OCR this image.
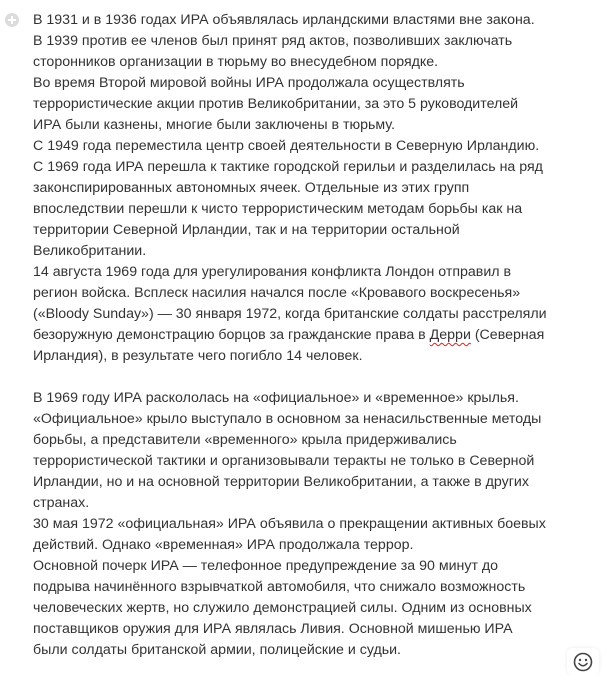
В 1931 и в 1936 годах ИРА объявлялась ирландскими властями вне закона.
В 1939 против ее членов был принят ряд актов, позволивших заключать
сторонников организации в тюрьму во внесудебном порядке.
Во время Второй мировой войны ИРА продолжала осуществлять
террористические акции против Великобритании, за это 5 руководителей
ИРА были казнены, многие были заключены в тюрьму.
С 1949 года переместила центр своей деятельности в Северную Ирландию.
С 1969 года ИРА перешла к тактике городской герильи и разделилась на ряд
законспирированных автономных ячеек. Отдельные из этих групп
впоследствии перешли к чисто террористическим методам борьбы как на
территории Северной Ирландии, так и на территории остальной
Великобритании.
14 августа 1969 года для урегулирования конфликта Лондон отправил в
регион войска. Всплеск насилия начался после «Кровавого воскресенья»
(«Bloody Sunday») — 30 января 1972, когда британские солдаты расстреляли
безоружную демонстрацию борцов за гражданские права в Дерри (Северная
Ирландия), в результате чего погибло 14 человек.
В 1969 году ИРА раскололась на «официальное» и «временное» крылья.
«Официальное» крыло выступало в основном за ненасильственные методы
борьбы, а представители «временного» крыла придерживались
террористической тактики и организовывали теракты не только в Северной
Ирландии, но и на основной территории Великобритании, а также в других
странах.
30 мая 1972 «официальная» ИРА объявила о прекращении активных боевых
действий. Однако «временная» ИРА продолжала террор.
Основной почерк ИРА — телефонное предупреждение за 90 минут до
подрыва начинённого взрывчаткой автомобиля, что снижало возможность
человеческих жертв, но служило демонстрацией силы. Одним из основных
поставщиков оружия для ИРА являлась Ливия. Основной мишенью ИРА
были солдаты британской армии, полицейские и судьи.
